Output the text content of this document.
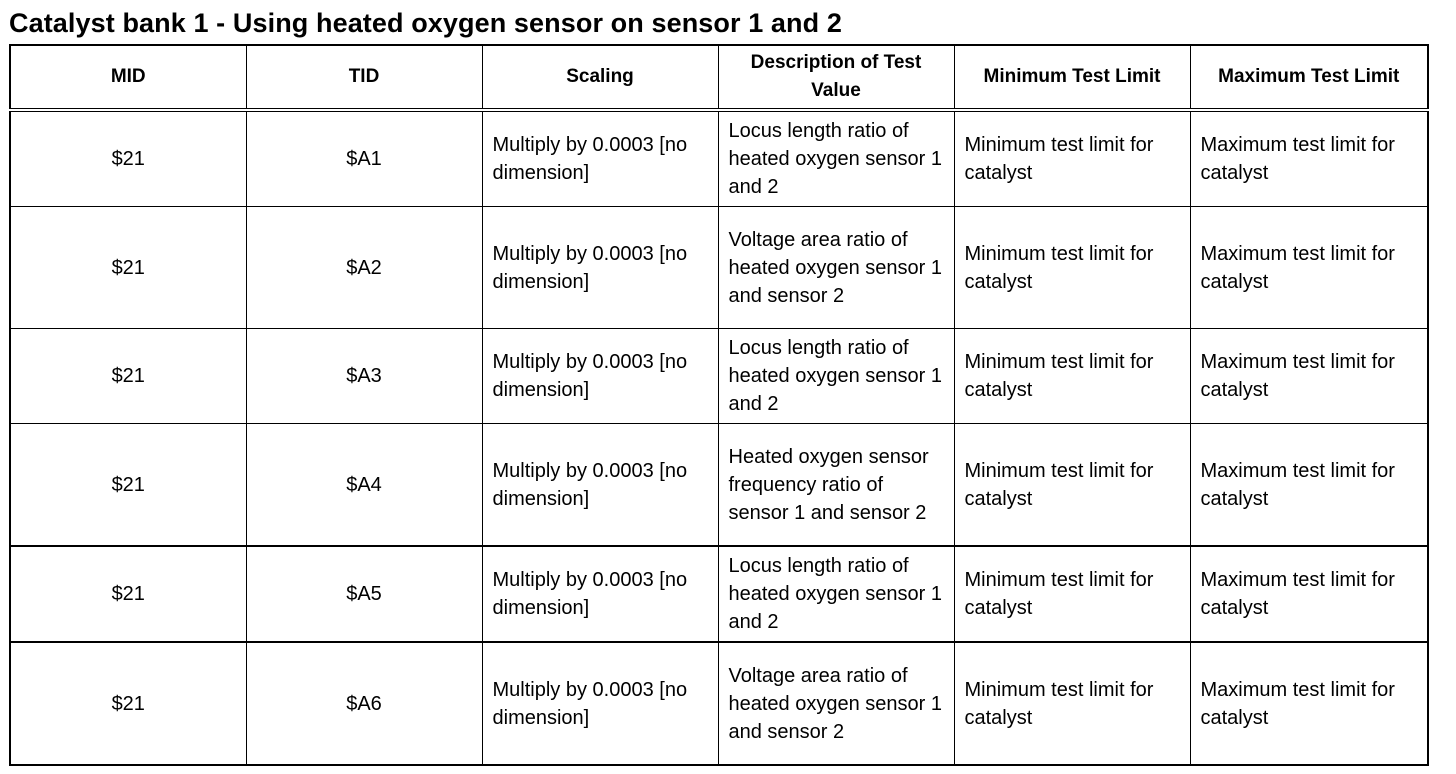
Catalyst bank 1 - Using heated oxygen sensor on sensor 1 and 2
MID	TID	Scaling	Description of Test Value	Minimum Test Limit	Maximum Test Limit
$21	$A1	Multiply by 0.0003 [no dimension]	Locus length ratio of heated oxygen sensor 1 and 2	Minimum test limit for catalyst	Maximum test limit for catalyst
$21	$A2	Multiply by 0.0003 [no dimension]	Voltage area ratio of heated oxygen sensor 1 and sensor 2	Minimum test limit for catalyst	Maximum test limit for catalyst
$21	$A3	Multiply by 0.0003 [no dimension]	Locus length ratio of heated oxygen sensor 1 and 2	Minimum test limit for catalyst	Maximum test limit for catalyst
$21	$A4	Multiply by 0.0003 [no dimension]	Heated oxygen sensor frequency ratio of sensor 1 and sensor 2	Minimum test limit for catalyst	Maximum test limit for catalyst
$21	$A5	Multiply by 0.0003 [no dimension]	Locus length ratio of heated oxygen sensor 1 and 2	Minimum test limit for catalyst	Maximum test limit for catalyst
$21	$A6	Multiply by 0.0003 [no dimension]	Voltage area ratio of heated oxygen sensor 1 and sensor 2	Minimum test limit for catalyst	Maximum test limit for catalyst
